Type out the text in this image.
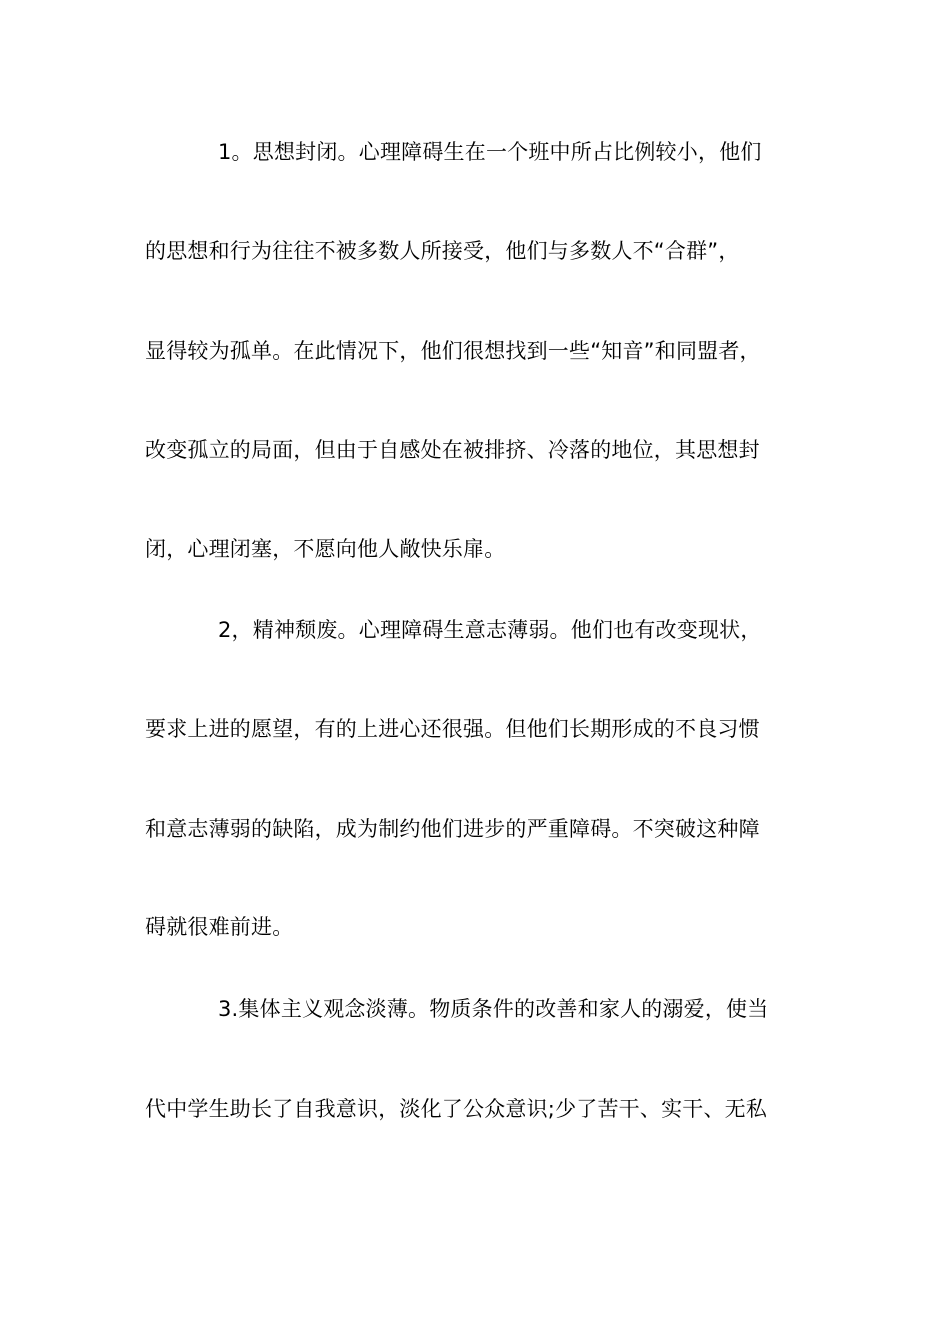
1。思想封闭。心理障碍生在一个班中所占比例较小，他们
的思想和行为往往不被多数人所接受，他们与多数人不“合群”，
显得较为孤单。在此情况下，他们很想找到一些“知音”和同盟者，
改变孤立的局面，但由于自感处在被排挤、冷落的地位，其思想封
闭，心理闭塞，不愿向他人敞快乐扉。
2，精神颓废。心理障碍生意志薄弱。他们也有改变现状，
要求上进的愿望，有的上进心还很强。但他们长期形成的不良习惯
和意志薄弱的缺陷，成为制约他们进步的严重障碍。不突破这种障
碍就很难前进。
3.集体主义观念淡薄。物质条件的改善和家人的溺爱，使当
代中学生助长了自我意识，淡化了公众意识;少了苦干、实干、无私
